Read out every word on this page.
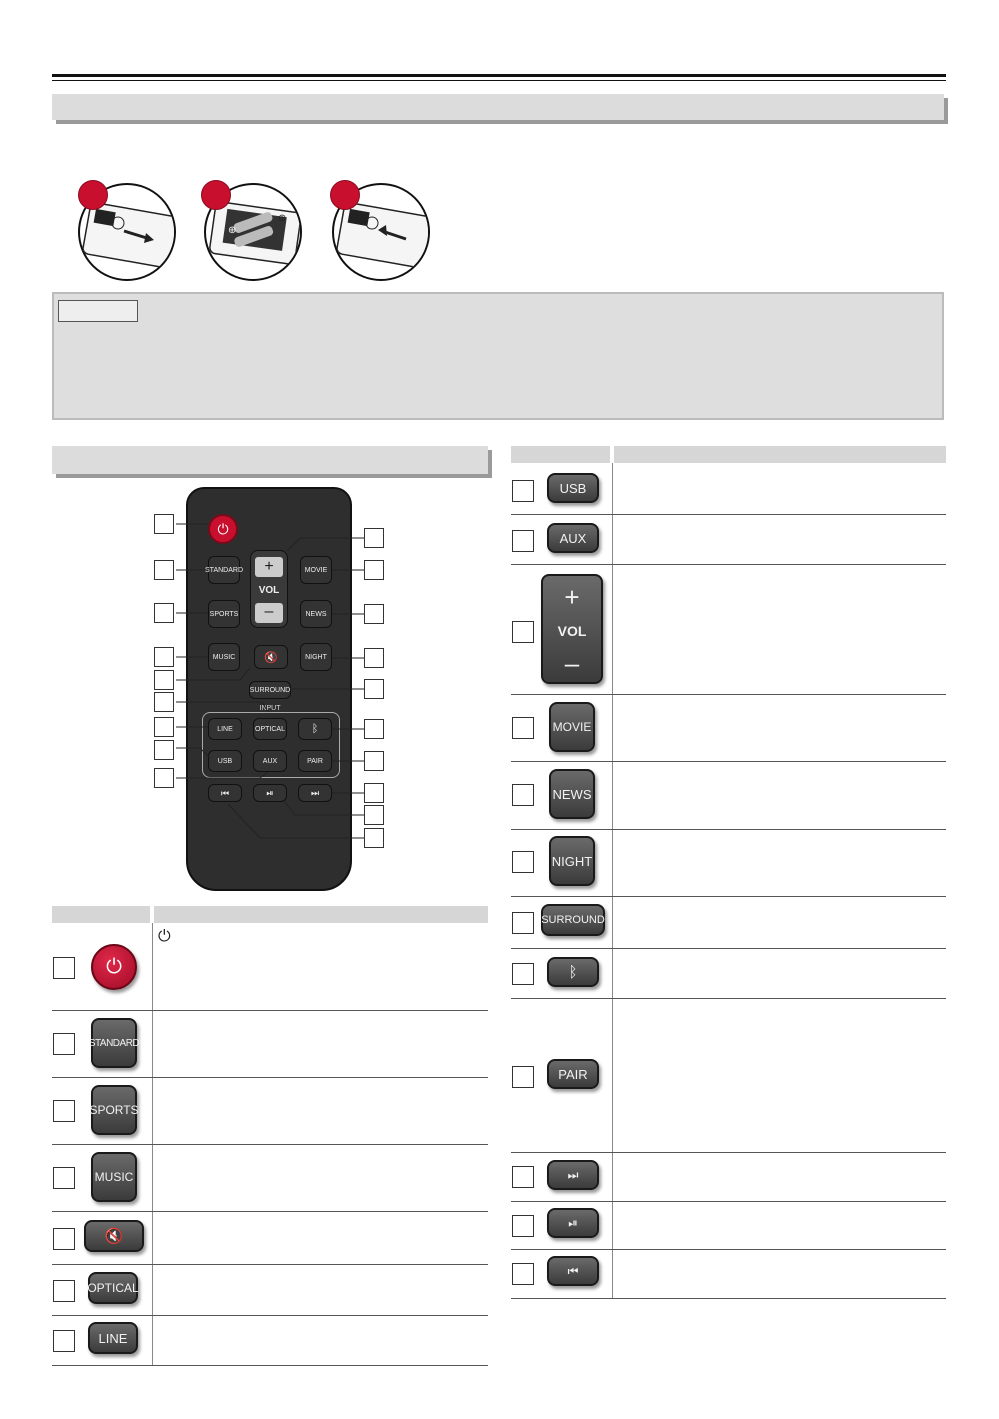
⊕
⊕
⏻
STANDARD
SPORTS
MUSIC
+
VOL
–
MOVIE
NEWS
NIGHT
🔇
SURROUND
INPUT
LINE	OPTICAL ᛒ
USB	AUX	PAIR
⏮	⏯	⏭
⏻
⏻
STANDARD
SPORTS
MUSIC
🔇
OPTICAL
LINE
USB
AUX
+
VOL
–
MOVIE
NEWS
NIGHT
SURROUND
ᛒ
PAIR
⏭
⏯
⏮
